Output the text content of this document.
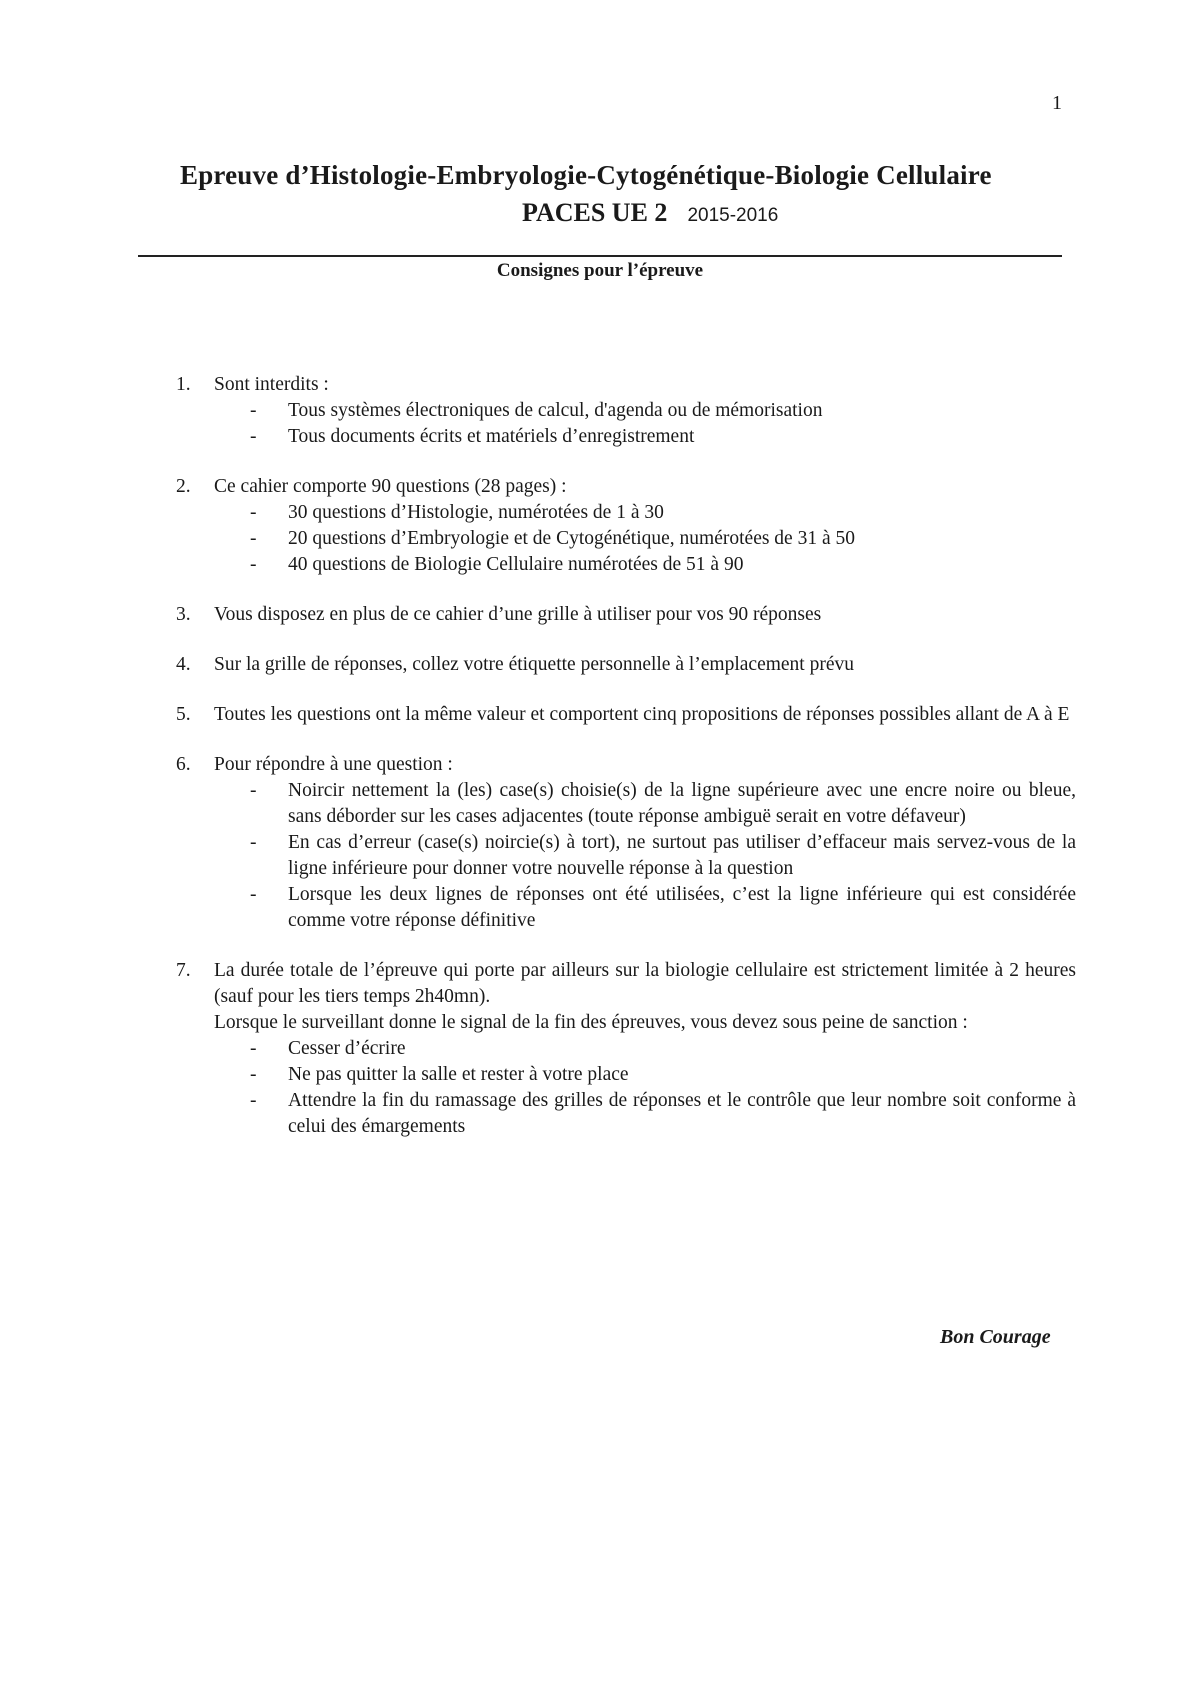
1
Epreuve d’Histologie-Embryologie-Cytogénétique-Biologie Cellulaire
PACES UE 2 2015-2016
Consignes pour l’épreuve
1. Sont interdits :
- Tous systèmes électroniques de calcul, d'agenda ou de mémorisation
- Tous documents écrits et matériels d’enregistrement
2. Ce cahier comporte 90 questions (28 pages) :
- 30 questions d’Histologie, numérotées de 1 à 30
- 20 questions d’Embryologie et de Cytogénétique, numérotées de 31 à 50
- 40 questions de Biologie Cellulaire numérotées de 51 à 90
3. Vous disposez en plus de ce cahier d’une grille à utiliser pour vos 90 réponses
4. Sur la grille de réponses, collez votre étiquette personnelle à l’emplacement prévu
5. Toutes les questions ont la même valeur et comportent cinq propositions de réponses possibles allant de A à E
6. Pour répondre à une question :
- Noircir nettement la (les) case(s) choisie(s) de la ligne supérieure avec une encre noire ou bleue, sans déborder sur les cases adjacentes (toute réponse ambiguë serait en votre défaveur)
- En cas d’erreur (case(s) noircie(s) à tort), ne surtout pas utiliser d’effaceur mais servez-vous de la ligne inférieure pour donner votre nouvelle réponse à la question
- Lorsque les deux lignes de réponses ont été utilisées, c’est la ligne inférieure qui est considérée comme votre réponse définitive
7. La durée totale de l’épreuve qui porte par ailleurs sur la biologie cellulaire est strictement limitée à 2 heures (sauf pour les tiers temps 2h40mn).
Lorsque le surveillant donne le signal de la fin des épreuves, vous devez sous peine de sanction :
- Cesser d’écrire
- Ne pas quitter la salle et rester à votre place
- Attendre la fin du ramassage des grilles de réponses et le contrôle que leur nombre soit conforme à celui des émargements
Bon Courage
